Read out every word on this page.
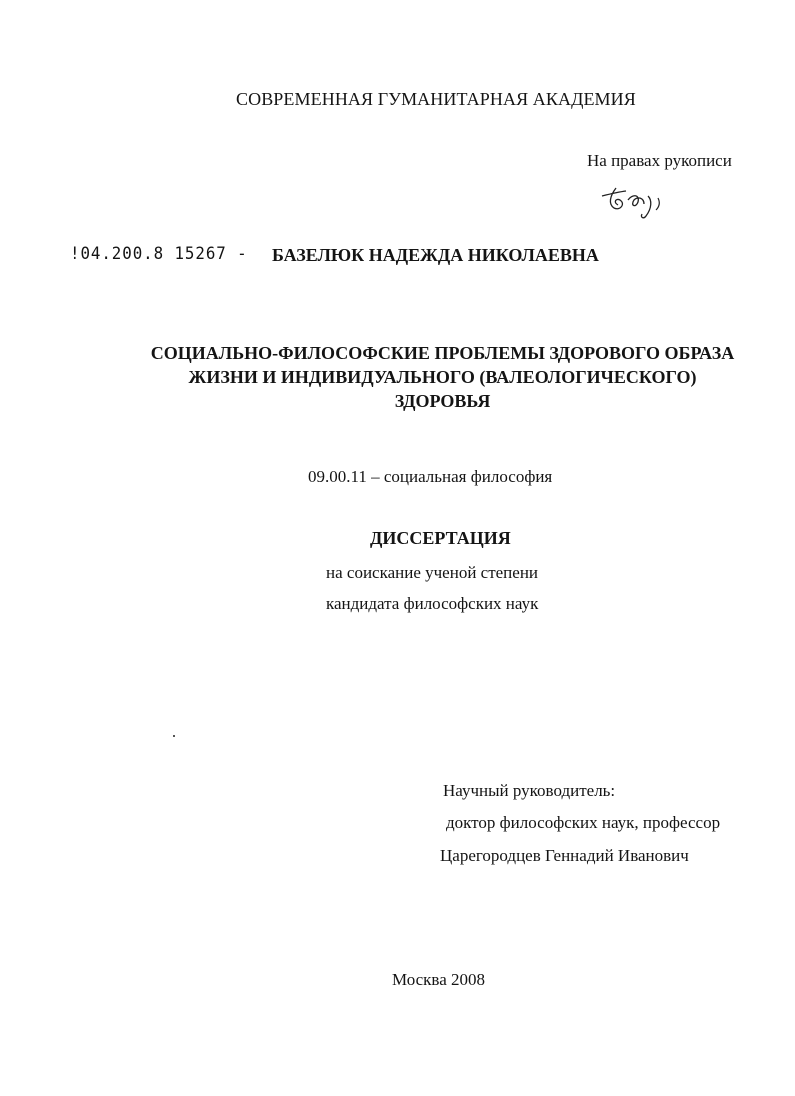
СОВРЕМЕННАЯ ГУМАНИТАРНАЯ АКАДЕМИЯ
На правах рукописи
!04.200.8 15267 - БАЗЕЛЮК НАДЕЖДА НИКОЛАЕВНА
СОЦИАЛЬНО-ФИЛОСОФСКИЕ ПРОБЛЕМЫ ЗДОРОВОГО ОБРАЗА
ЖИЗНИ И ИНДИВИДУАЛЬНОГО (ВАЛЕОЛОГИЧЕСКОГО)
ЗДОРОВЬЯ
09.00.11 – социальная философия
ДИССЕРТАЦИЯ
на соискание ученой степени
кандидата философских наук
Научный руководитель:
доктор философских наук, профессор
Царегородцев Геннадий Иванович
Москва 2008
